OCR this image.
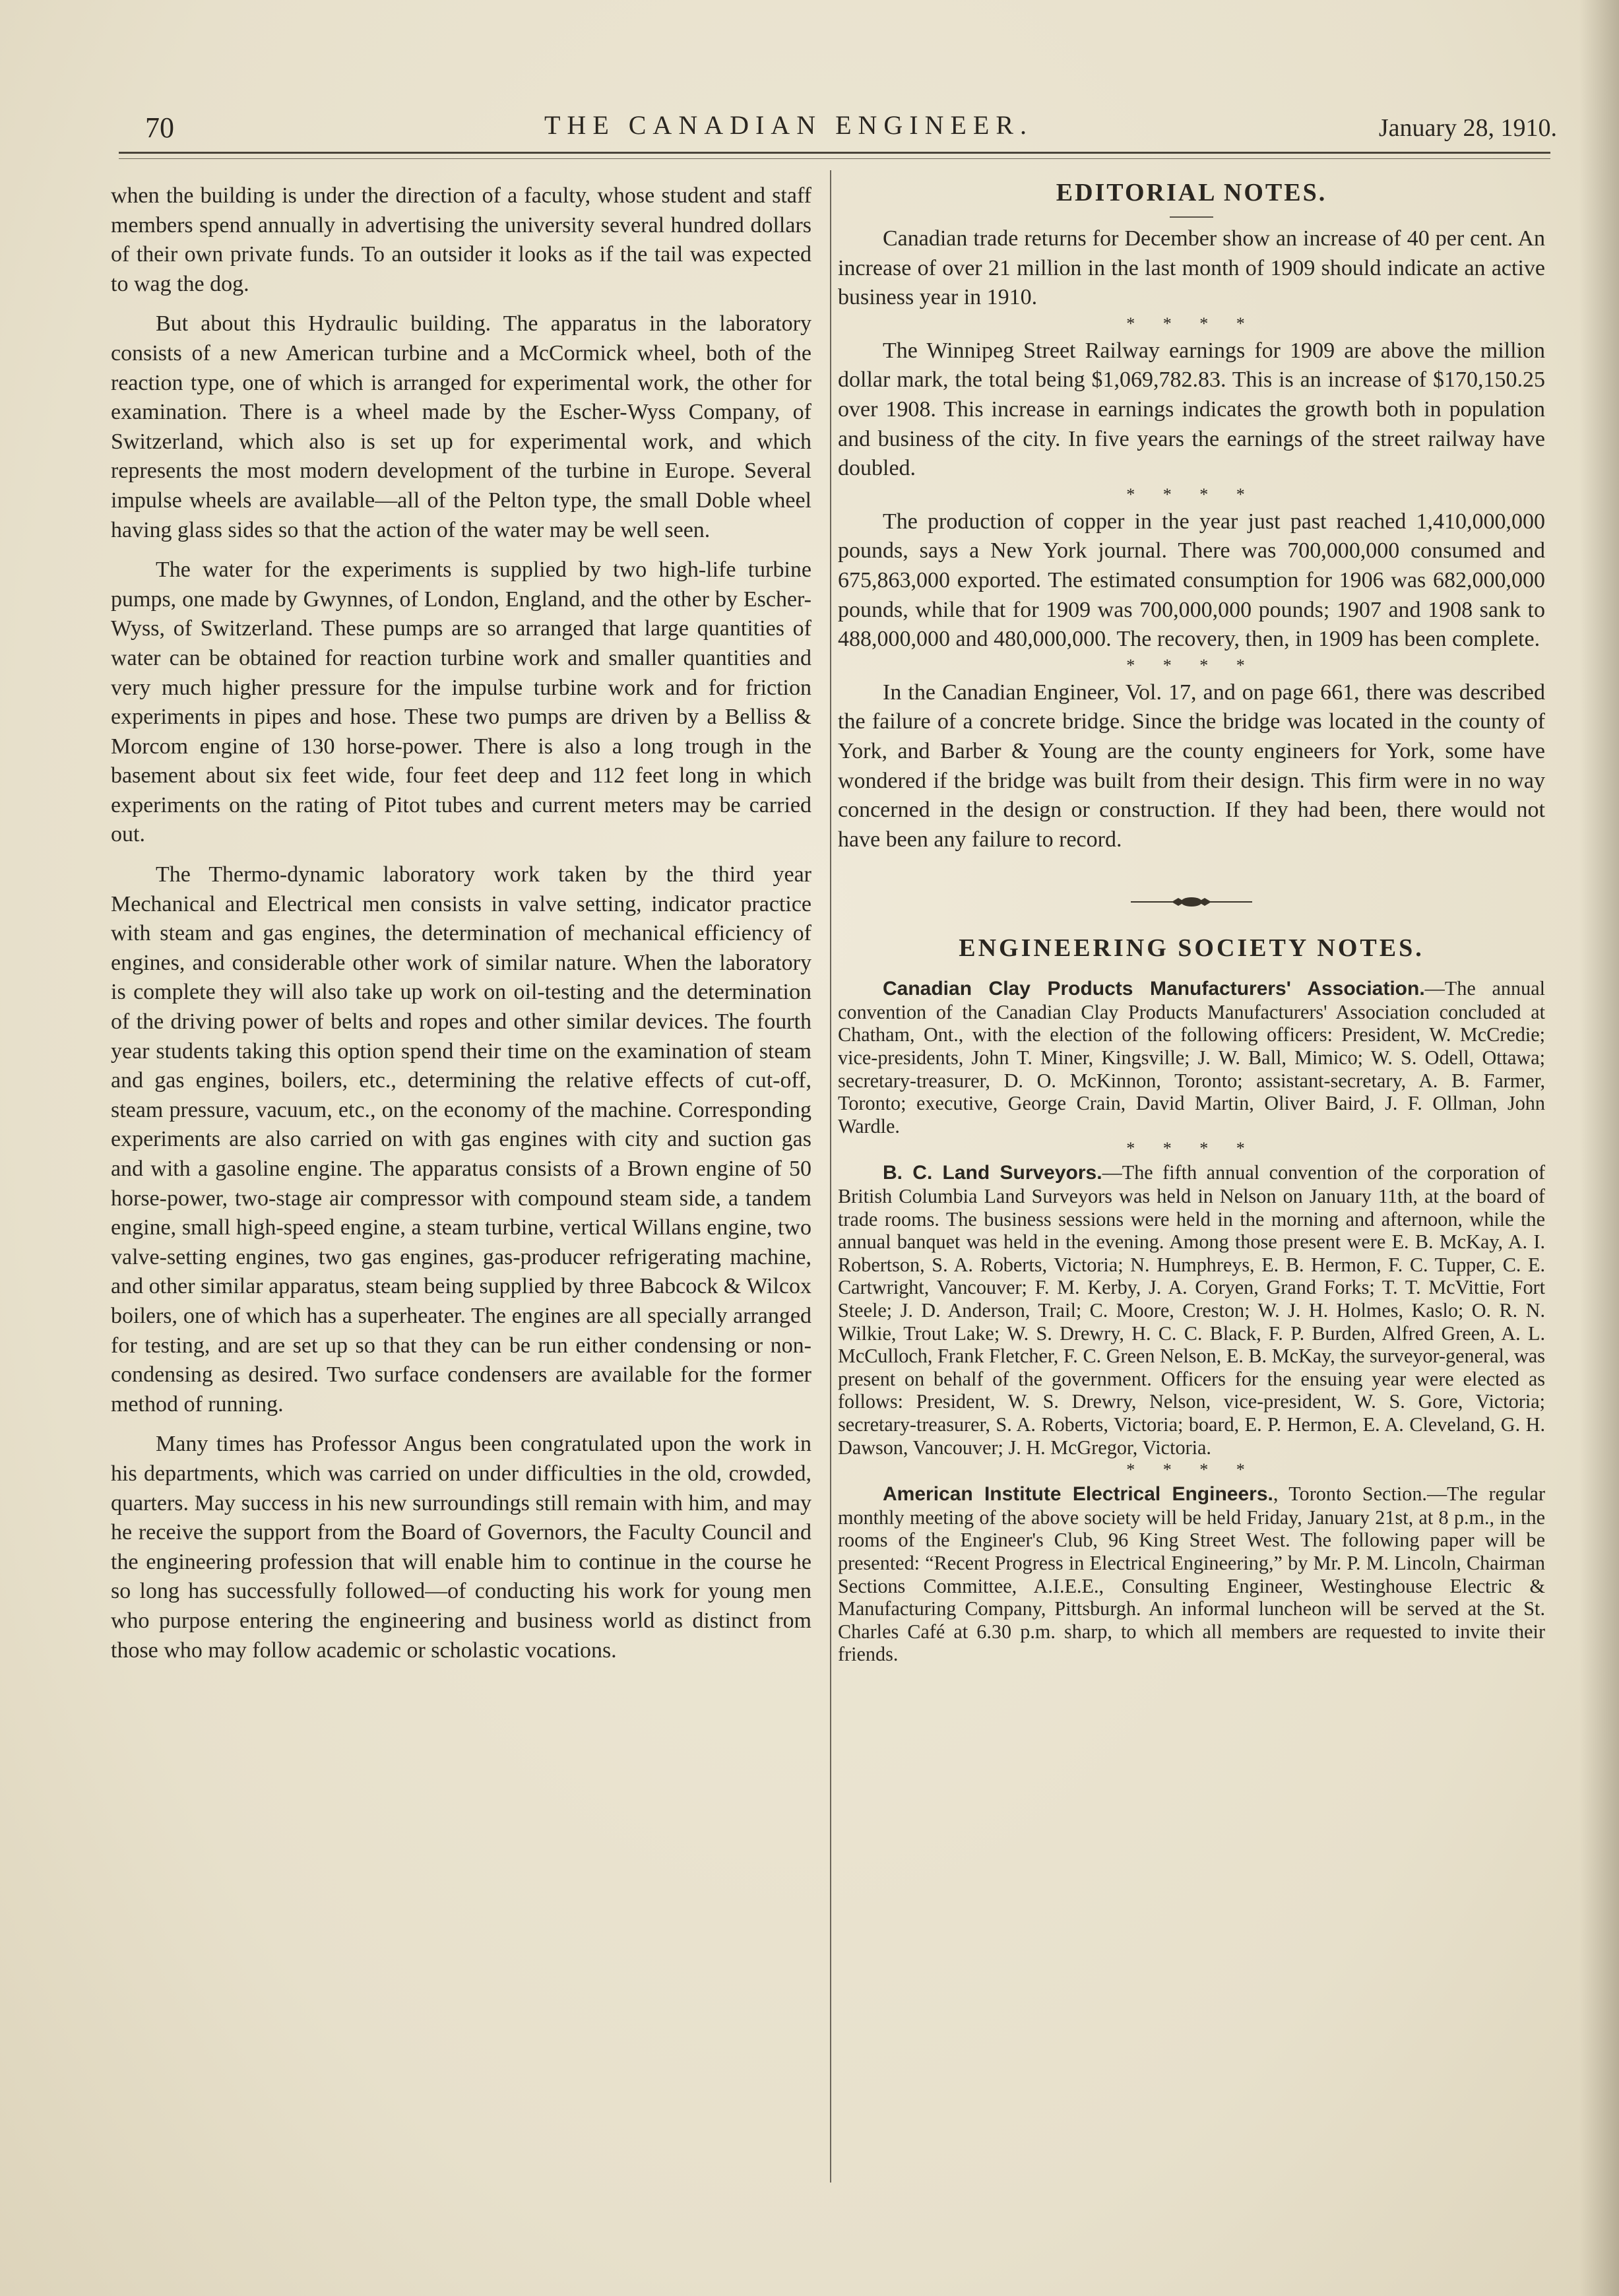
70	THE CANADIAN ENGINEER.	January 28, 1910.

when the building is under the direction of a faculty, whose student and staff members spend annually in advertising the university several hundred dollars of their own private funds. To an outsider it looks as if the tail was expected to wag the dog.

But about this Hydraulic building. The apparatus in the laboratory consists of a new American turbine and a McCormick wheel, both of the reaction type, one of which is arranged for experimental work, the other for examination. There is a wheel made by the Escher-Wyss Company, of Switzerland, which also is set up for experimental work, and which represents the most modern development of the turbine in Europe. Several impulse wheels are available—all of the Pelton type, the small Doble wheel having glass sides so that the action of the water may be well seen.

The water for the experiments is supplied by two high-life turbine pumps, one made by Gwynnes, of London, England, and the other by Escher-Wyss, of Switzerland. These pumps are so arranged that large quantities of water can be obtained for reaction turbine work and smaller quantities and very much higher pressure for the impulse turbine work and for friction experiments in pipes and hose. These two pumps are driven by a Belliss & Morcom engine of 130 horse-power. There is also a long trough in the basement about six feet wide, four feet deep and 112 feet long in which experiments on the rating of Pitot tubes and current meters may be carried out.

The Thermo-dynamic laboratory work taken by the third year Mechanical and Electrical men consists in valve setting, indicator practice with steam and gas engines, the determination of mechanical efficiency of engines, and considerable other work of similar nature. When the laboratory is complete they will also take up work on oil-testing and the determination of the driving power of belts and ropes and other similar devices. The fourth year students taking this option spend their time on the examination of steam and gas engines, boilers, etc., determining the relative effects of cut-off, steam pressure, vacuum, etc., on the economy of the machine. Corresponding experiments are also carried on with gas engines with city and suction gas and with a gasoline engine. The apparatus consists of a Brown engine of 50 horse-power, two-stage air compressor with compound steam side, a tandem engine, small high-speed engine, a steam turbine, vertical Willans engine, two valve-setting engines, two gas engines, gas-producer refrigerating machine, and other similar apparatus, steam being supplied by three Babcock & Wilcox boilers, one of which has a superheater. The engines are all specially arranged for testing, and are set up so that they can be run either condensing or non-condensing as desired. Two surface condensers are available for the former method of running.

Many times has Professor Angus been congratulated upon the work in his departments, which was carried on under difficulties in the old, crowded, quarters. May success in his new surroundings still remain with him, and may he receive the support from the Board of Governors, the Faculty Council and the engineering profession that will enable him to continue in the course he so long has successfully followed—of conducting his work for young men who purpose entering the engineering and business world as distinct from those who may follow academic or scholastic vocations.

EDITORIAL NOTES.

Canadian trade returns for December show an increase of 40 per cent. An increase of over 21 million in the last month of 1909 should indicate an active business year in 1910.

* * * *

The Winnipeg Street Railway earnings for 1909 are above the million dollar mark, the total being $1,069,782.83. This is an increase of $170,150.25 over 1908. This increase in earnings indicates the growth both in population and business of the city. In five years the earnings of the street railway have doubled.

* * * *

The production of copper in the year just past reached 1,410,000,000 pounds, says a New York journal. There was 700,000,000 consumed and 675,863,000 exported. The estimated consumption for 1906 was 682,000,000 pounds, while that for 1909 was 700,000,000 pounds; 1907 and 1908 sank to 488,000,000 and 480,000,000. The recovery, then, in 1909 has been complete.

* * * *

In the Canadian Engineer, Vol. 17, and on page 661, there was described the failure of a concrete bridge. Since the bridge was located in the county of York, and Barber & Young are the county engineers for York, some have wondered if the bridge was built from their design. This firm were in no way concerned in the design or construction. If they had been, there would not have been any failure to record.

ENGINEERING SOCIETY NOTES.

Canadian Clay Products Manufacturers' Association.—The annual convention of the Canadian Clay Products Manufacturers' Association concluded at Chatham, Ont., with the election of the following officers: President, W. McCredie; vice-presidents, John T. Miner, Kingsville; J. W. Ball, Mimico; W. S. Odell, Ottawa; secretary-treasurer, D. O. McKinnon, Toronto; assistant-secretary, A. B. Farmer, Toronto; executive, George Crain, David Martin, Oliver Baird, J. F. Ollman, John Wardle.

* * * *

B. C. Land Surveyors.—The fifth annual convention of the corporation of British Columbia Land Surveyors was held in Nelson on January 11th, at the board of trade rooms. The business sessions were held in the morning and afternoon, while the annual banquet was held in the evening. Among those present were E. B. McKay, A. I. Robertson, S. A. Roberts, Victoria; N. Humphreys, E. B. Hermon, F. C. Tupper, C. E. Cartwright, Vancouver; F. M. Kerby, J. A. Coryen, Grand Forks; T. T. McVittie, Fort Steele; J. D. Anderson, Trail; C. Moore, Creston; W. J. H. Holmes, Kaslo; O. R. N. Wilkie, Trout Lake; W. S. Drewry, H. C. C. Black, F. P. Burden, Alfred Green, A. L. McCulloch, Frank Fletcher, F. C. Green Nelson, E. B. McKay, the surveyor-general, was present on behalf of the government. Officers for the ensuing year were elected as follows: President, W. S. Drewry, Nelson, vice-president, W. S. Gore, Victoria; secretary-treasurer, S. A. Roberts, Victoria; board, E. P. Hermon, E. A. Cleveland, G. H. Dawson, Vancouver; J. H. McGregor, Victoria.

* * * *

American Institute Electrical Engineers., Toronto Section.—The regular monthly meeting of the above society will be held Friday, January 21st, at 8 p.m., in the rooms of the Engineer's Club, 96 King Street West. The following paper will be presented: “Recent Progress in Electrical Engineering,” by Mr. P. M. Lincoln, Chairman Sections Committee, A.I.E.E., Consulting Engineer, Westinghouse Electric & Manufacturing Company, Pittsburgh. An informal luncheon will be served at the St. Charles Café at 6.30 p.m. sharp, to which all members are requested to invite their friends.
